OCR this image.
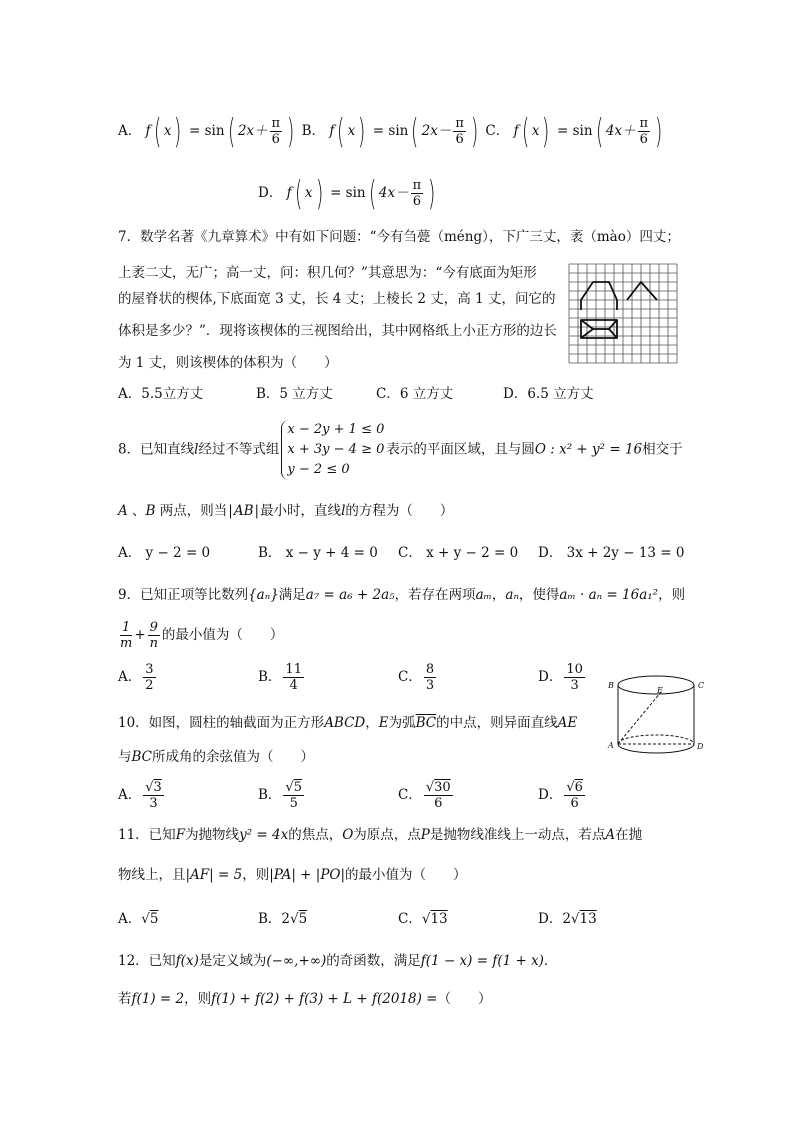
A． f( x) = sin( $2x+ \frac{\pi}{6}$ ) B． f( x) = sin( $2x- \frac{\pi}{6}$ ) C． f( x) = sin( $4x+ \frac{\pi}{6}$ )
D． f( x) = sin( $4x- \frac{\pi}{6}$ )
7．数学名著《九章算术》中有如下问题：“今有刍甍（méng），下广三丈，袤（mào）四丈；
上袤二丈，无广；高一丈，问：积几何？”其意思为：“今有底面为矩形
的屋脊状的楔体,下底面宽 3 丈，长 4 丈；上棱长 2 丈，高 1 丈，问它的
体积是多少？”．现将该楔体的三视图给出，其中网格纸上小正方形的边长
为 1 丈，则该楔体的体积为（　　）
A．5.5立方丈	B．5 立方丈	C．6 立方丈	D．6.5 立方丈
8．已知直线l经过不等式组
x − 2y + 1 ≤ 0
x + 3y − 4 ≥ 0
y − 2 ≤ 0
表示的平面区域，且与圆O : x² + y² = 16相交于
A 、B 两点，则当|AB|最小时，直线l的方程为（　　）
A． y − 2 = 0	B． x − y + 4 = 0 C． x + y − 2 = 0 D． 3x + 2y − 13 = 0
9．已知正项等比数列{aₙ}满足a₇ = a₆ + 2a₅，若存在两项aₘ，aₙ，使得aₘ · aₙ = 16a₁²，则
$\frac{1}{m} + \frac{9}{n}$ 的最小值为（　　）
A． $\frac{3}{2}$	B． $\frac{11}{4}$	C． $\frac{8}{3}$	D． $\frac{10}{3}$
10．如图，圆柱的轴截面为正方形ABCD，E为弧$\overline{BC}$的中点，则异面直线AE
与BC所成角的余弦值为（　　）
B	C
E
A	D
A． $\frac{√3}{3}$	B． $\frac{√5}{5}$	C． $\frac{√30}{6}$	D． $\frac{√6}{6}$
11．已知F为抛物线y² = 4x的焦点，O为原点，点P是抛物线准线上一动点，若点A在抛
物线上，且|AF| = 5，则|PA| + |PO|的最小值为（　　）
A．√5	B．2√5	C．√13	D．2√13
12．已知f(x)是定义域为(−∞,+∞)的奇函数，满足f(1 − x) = f(1 + x)．
若f(1) = 2，则f(1) + f(2) + f(3) + L + f(2018) =（　　）
